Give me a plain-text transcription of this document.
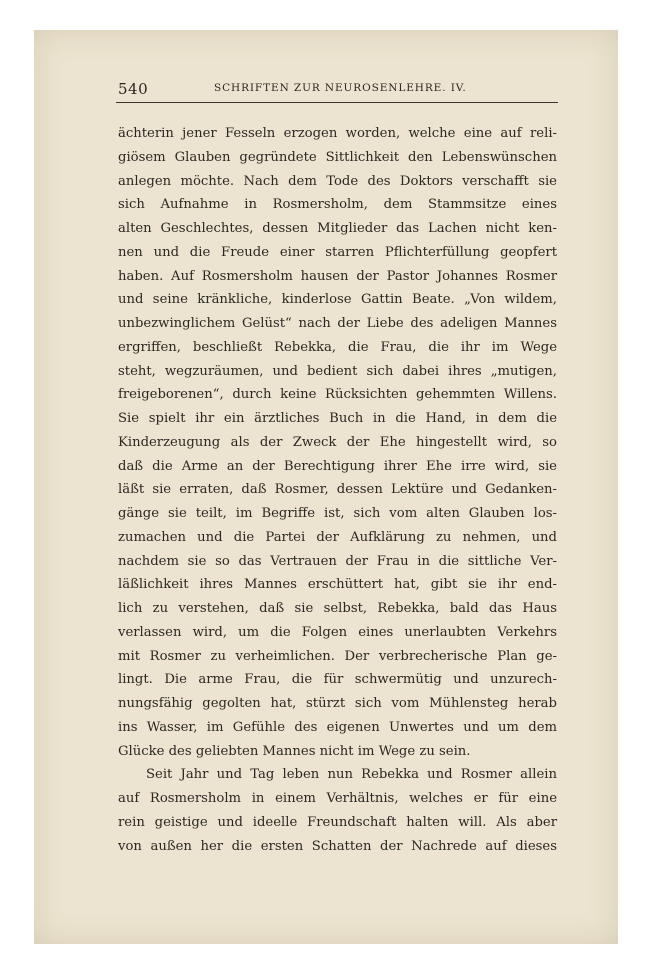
540	SCHRIFTEN ZUR NEUROSENLEHRE. IV.
ächterin jener Fesseln erzogen worden, welche eine auf reli-
giösem Glauben gegründete Sittlichkeit den Lebenswünschen
anlegen möchte. Nach dem Tode des Doktors verschafft sie
sich Aufnahme in Rosmersholm, dem Stammsitze eines
alten Geschlechtes, dessen Mitglieder das Lachen nicht ken-
nen und die Freude einer starren Pflichterfüllung geopfert
haben. Auf Rosmersholm hausen der Pastor Johannes Rosmer
und seine kränkliche, kinderlose Gattin Beate. „Von wildem,
unbezwinglichem Gelüst“ nach der Liebe des adeligen Mannes
ergriffen, beschließt Rebekka, die Frau, die ihr im Wege
steht, wegzuräumen, und bedient sich dabei ihres „mutigen,
freigeborenen“, durch keine Rücksichten gehemmten Willens.
Sie spielt ihr ein ärztliches Buch in die Hand, in dem die
Kinderzeugung als der Zweck der Ehe hingestellt wird, so
daß die Arme an der Berechtigung ihrer Ehe irre wird, sie
läßt sie erraten, daß Rosmer, dessen Lektüre und Gedanken-
gänge sie teilt, im Begriffe ist, sich vom alten Glauben los-
zumachen und die Partei der Aufklärung zu nehmen, und
nachdem sie so das Vertrauen der Frau in die sittliche Ver-
läßlichkeit ihres Mannes erschüttert hat, gibt sie ihr end-
lich zu verstehen, daß sie selbst, Rebekka, bald das Haus
verlassen wird, um die Folgen eines unerlaubten Verkehrs
mit Rosmer zu verheimlichen. Der verbrecherische Plan ge-
lingt. Die arme Frau, die für schwermütig und unzurech-
nungsfähig gegolten hat, stürzt sich vom Mühlensteg herab
ins Wasser, im Gefühle des eigenen Unwertes und um dem
Glücke des geliebten Mannes nicht im Wege zu sein.
Seit Jahr und Tag leben nun Rebekka und Rosmer allein
auf Rosmersholm in einem Verhältnis, welches er für eine
rein geistige und ideelle Freundschaft halten will. Als aber
von außen her die ersten Schatten der Nachrede auf dieses
